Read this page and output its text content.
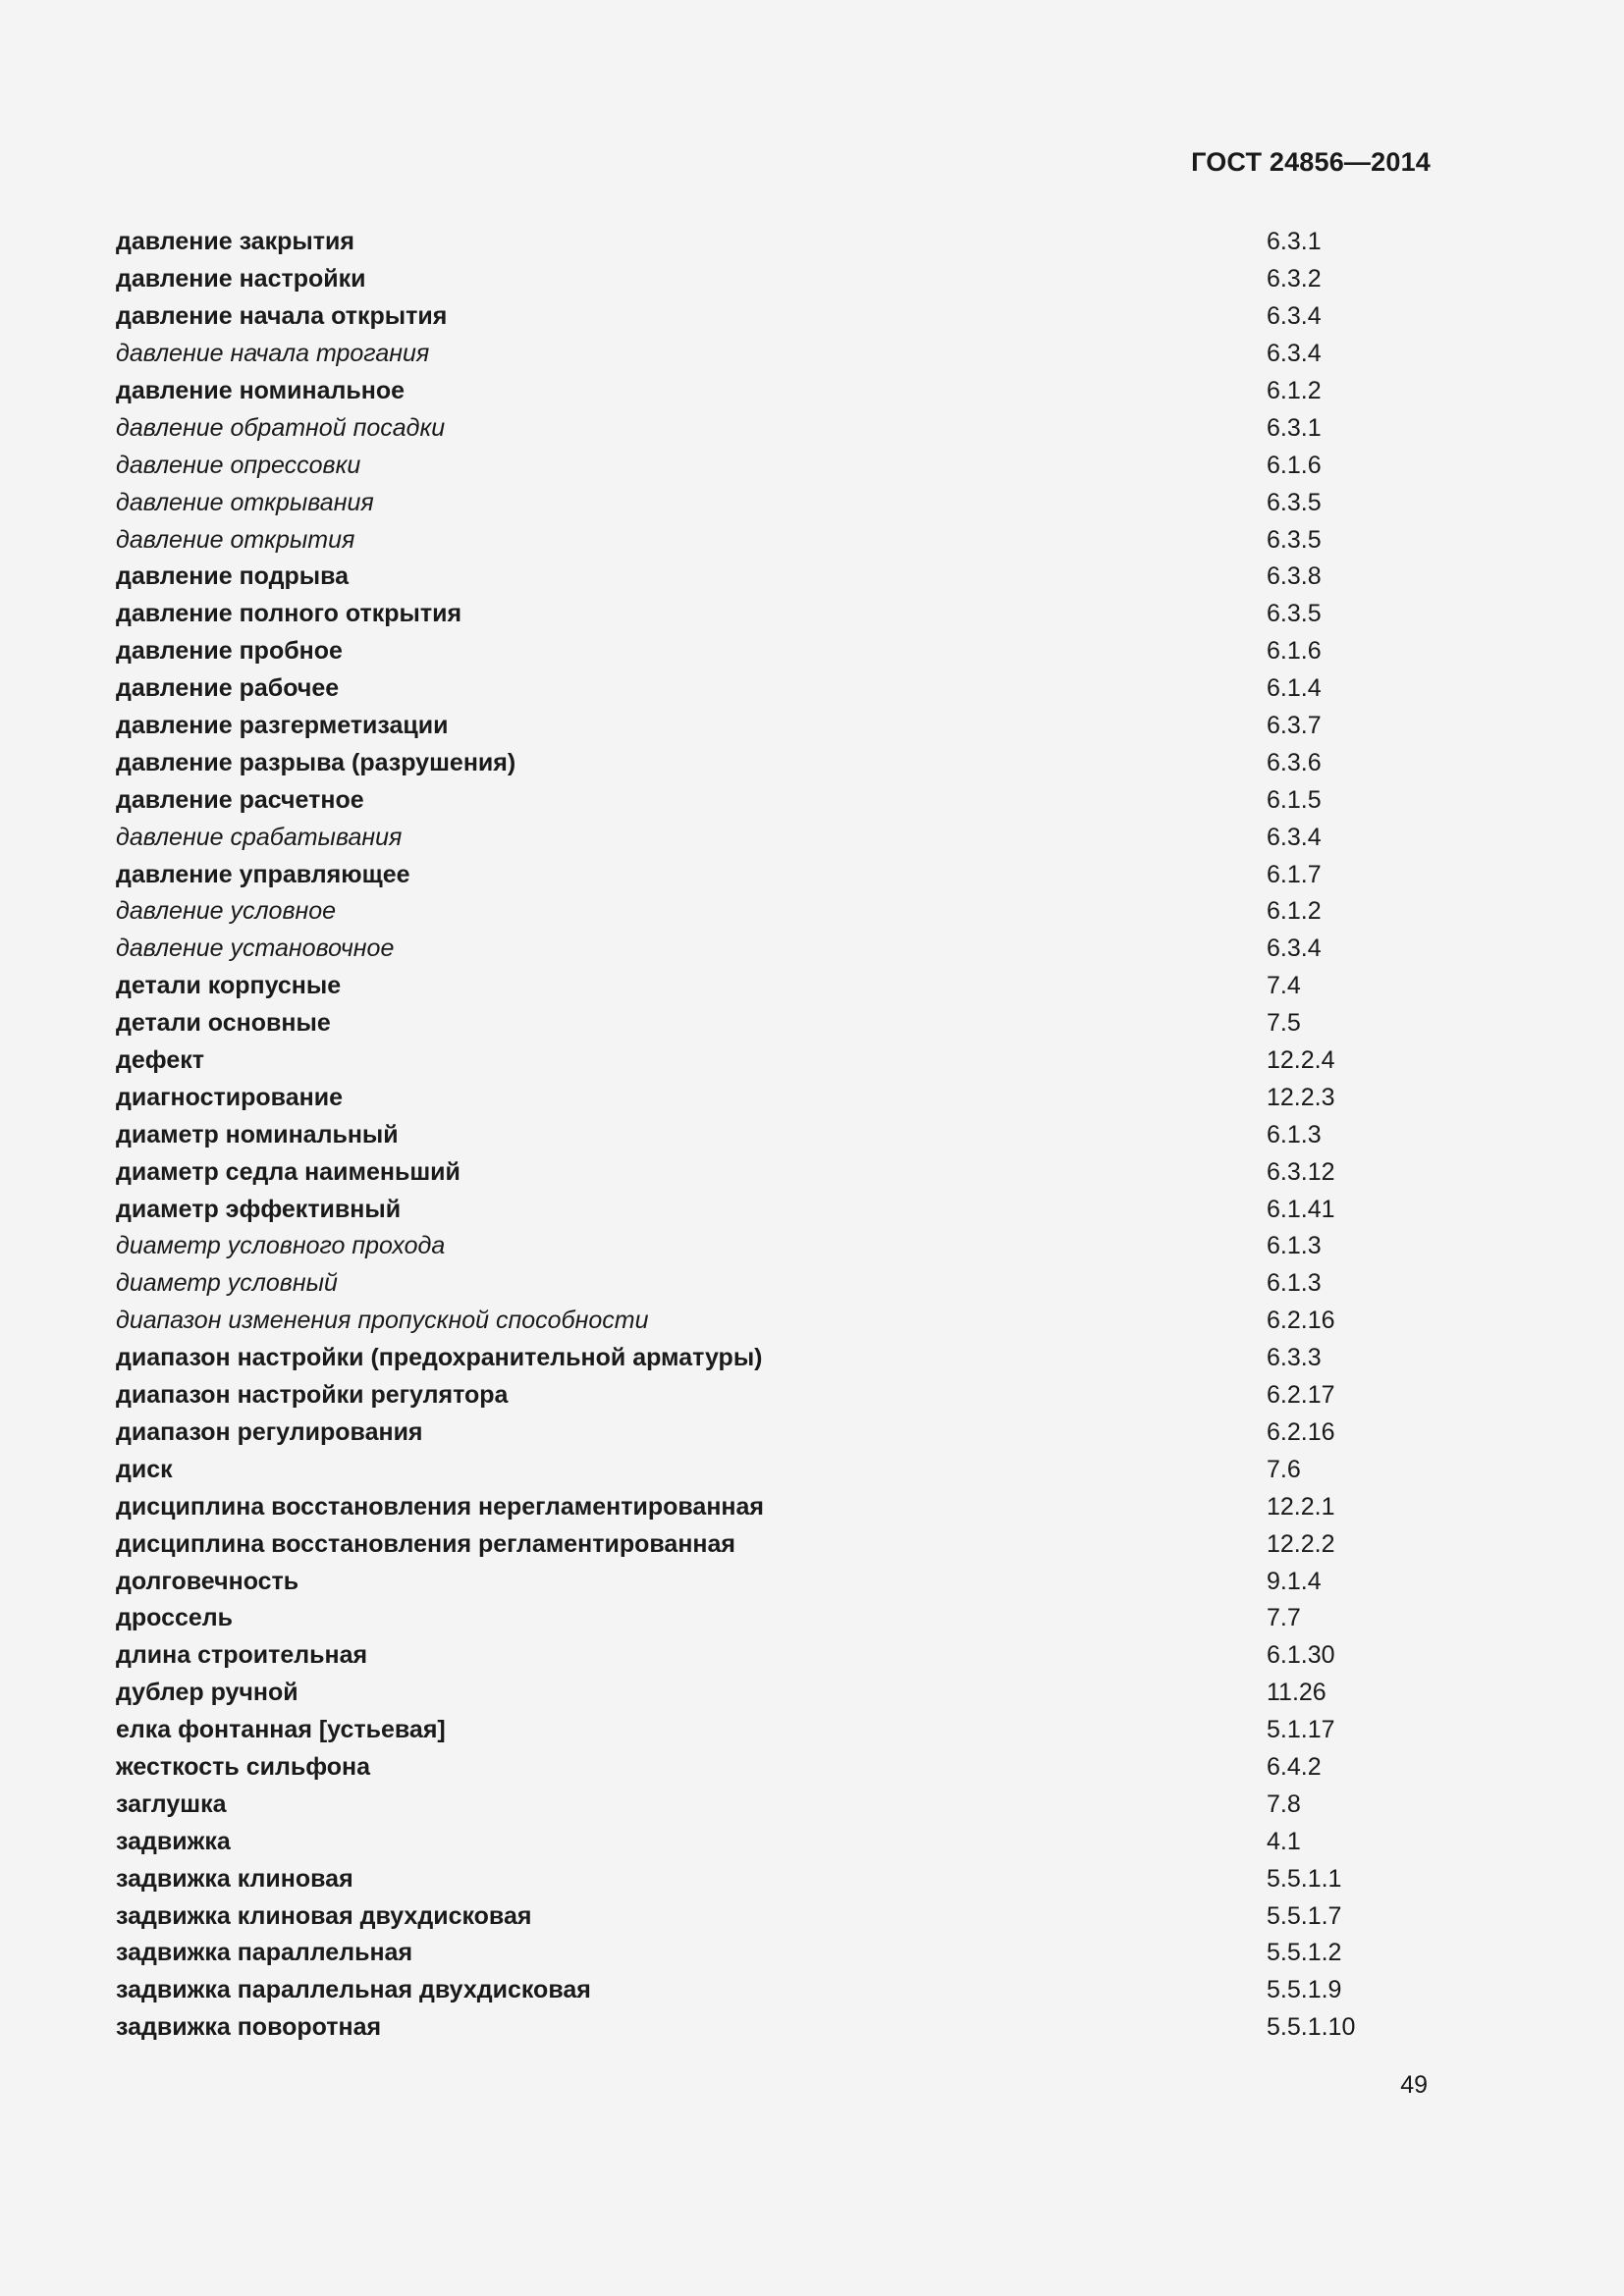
ГОСТ 24856—2014
давление закрытия	6.3.1
давление настройки	6.3.2
давление начала открытия	6.3.4
давление начала трогания	6.3.4
давление номинальное	6.1.2
давление обратной посадки	6.3.1
давление опрессовки	6.1.6
давление открывания	6.3.5
давление открытия	6.3.5
давление подрыва	6.3.8
давление полного открытия	6.3.5
давление пробное	6.1.6
давление рабочее	6.1.4
давление разгерметизации	6.3.7
давление разрыва (разрушения)	6.3.6
давление расчетное	6.1.5
давление срабатывания	6.3.4
давление управляющее	6.1.7
давление условное	6.1.2
давление установочное	6.3.4
детали корпусные	7.4
детали основные	7.5
дефект	12.2.4
диагностирование	12.2.3
диаметр номинальный	6.1.3
диаметр седла наименьший	6.3.12
диаметр эффективный	6.1.41
диаметр условного прохода	6.1.3
диаметр условный	6.1.3
диапазон изменения пропускной способности	6.2.16
диапазон настройки (предохранительной арматуры)	6.3.3
диапазон настройки регулятора	6.2.17
диапазон регулирования	6.2.16
диск	7.6
дисциплина восстановления нерегламентированная	12.2.1
дисциплина восстановления регламентированная	12.2.2
долговечность	9.1.4
дроссель	7.7
длина строительная	6.1.30
дублер ручной	11.26
елка фонтанная [устьевая]	5.1.17
жесткость сильфона	6.4.2
заглушка	7.8
задвижка	4.1
задвижка клиновая	5.5.1.1
задвижка клиновая двухдисковая	5.5.1.7
задвижка параллельная	5.5.1.2
задвижка параллельная двухдисковая	5.5.1.9
задвижка поворотная	5.5.1.10
49
